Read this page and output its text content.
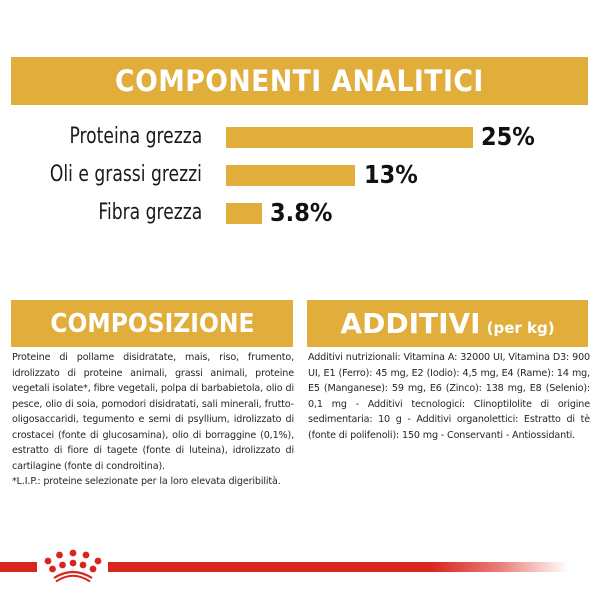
COMPONENTI ANALITICI
Proteina grezza	25%
Oli e grassi grezzi	13%
Fibra grezza	3.8%
COMPOSIZIONE	ADDITIVI (per kg)
Proteine di pollame disidratate, mais, riso, frumento, idrolizzato di proteine animali, grassi animali, proteine vegetali isolate*, fibre vegetali, polpa di barbabietola, olio di pesce, olio di soia, pomodori disidratati, sali minerali, frutto-oligosaccaridi, tegumento e semi di psyllium, idrolizzato di crostacei (fonte di glucosamina), olio di borraggine (0,1%), estratto di fiore di tagete (fonte di luteina), idrolizzato di cartilagine (fonte di condroitina).
*L.I.P.: proteine selezionate per la loro elevata digeribilità.
Additivi nutrizionali: Vitamina A: 32000 UI, Vitamina D3: 900 UI, E1 (Ferro): 45 mg, E2 (Iodio): 4,5 mg, E4 (Rame): 14 mg, E5 (Manganese): 59 mg, E6 (Zinco): 138 mg, E8 (Selenio): 0,1 mg - Additivi tecnologici: Clinoptilolite di origine sedimentaria: 10 g - Additivi organolettici: Estratto di tè (fonte di polifenoli): 150 mg - Conservanti - Antiossidanti.
